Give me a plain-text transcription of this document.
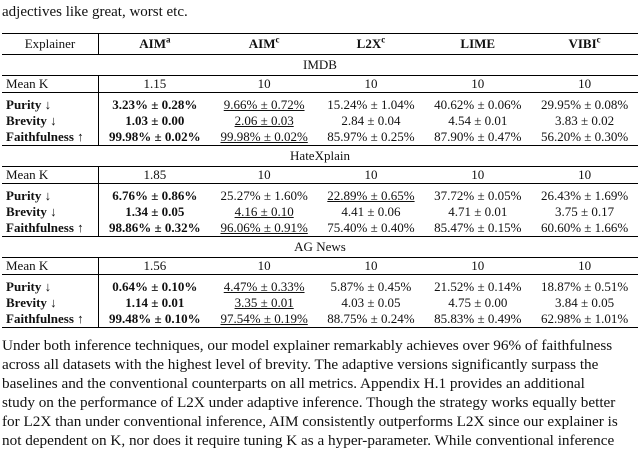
adjectives like great, worst etc.
Explainer	AIM$^a$	AIM$^c$	$L2X^c$	LIME	VIBI$^c$
IMDB					
Mean K	1.15	10	10	10	10

Purity ↓	3.23% ± 0.28%	9.66% ± 0.72%	15.24% ± 1.04%	40.62% ± 0.06%	29.95% ± 0.08%
Brevity ↓	1.03 ± 0.00	2.06 ± 0.03	2.84 ± 0.04	4.54 ± 0.01	3.83 ± 0.02
Faithfulness ↑	99.98% ± 0.02%	99.98% ± 0.02%	85.97% ± 0.25%	87.90% ± 0.47%	56.20% ± 0.30%
HateXplain					
Mean K	1.85	10	10	10	10

Purity ↓	6.76% ± 0.86%	25.27% ± 1.60%	22.89% ± 0.65%	37.72% ± 0.05%	26.43% ± 1.69%
Brevity ↓	1.34 ± 0.05	4.16 ± 0.10	4.41 ± 0.06	4.71 ± 0.01	3.75 ± 0.17
Faithfulness ↑	98.86% ± 0.32%	96.06% ± 0.91%	75.40% ± 0.40%	85.47% ± 0.15%	60.60% ± 1.66%
AG News					
Mean K	1.56	10	10	10	10

Purity ↓	0.64% ± 0.10%	4.47% ± 0.33%	5.87% ± 0.45%	21.52% ± 0.14%	18.87% ± 0.51%
Brevity ↓	1.14 ± 0.01	3.35 ± 0.01	4.03 ± 0.05	4.75 ± 0.00	3.84 ± 0.05
Faithfulness ↑	99.48% ± 0.10%	97.54% ± 0.19%	88.75% ± 0.24%	85.83% ± 0.49%	62.98% ± 1.01%

Under both inference techniques, our model explainer remarkably achieves over 96% of faithfulness

across all datasets with the highest level of brevity. The adaptive versions significantly surpass the

baselines and the conventional counterparts on all metrics. Appendix H.1 provides an additional

study on the performance of L2X under adaptive inference. Though the strategy works equally better

for L2X than under conventional inference, AIM consistently outperforms L2X since our explainer is

not dependent on K, nor does it require tuning K as a hyper-parameter. While conventional inference
